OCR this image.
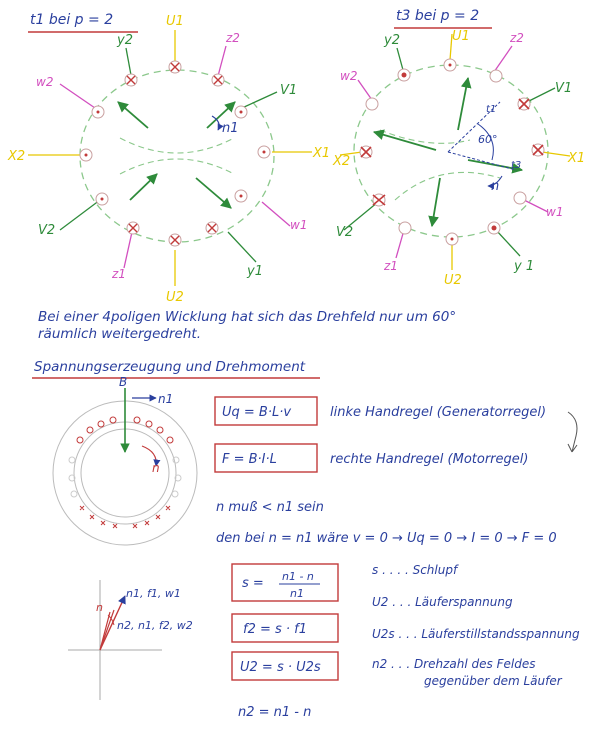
t1 bei p = 2
n1
U1
U2
X2	X1
y2
V1
V2
y1
z2
w2
w1
z1
t3 bei p = 2
60°
t1
t3
n
U1
U2
X2	X1
y2
V1
V2
y 1
z2
w2
w1
z1
Bei einer 4poligen Wicklung hat sich das Drehfeld nur um 60°
räumlich weitergedreht.
Spannungserzeugung und Drehmoment
B
n1
n
Uq = B·L·v	linke Handregel (Generatorregel)
F = B·I·L	rechte Handregel (Motorregel)
n muß < n1 sein
den bei n = n1 wäre v = 0 → Uq = 0 → I = 0 → F = 0
n1, f1, w1
n
n2, n1, f2, w2
s = n1 - n
n1
f2 = s · f1
U2 = s · U2s
s . . . . Schlupf
U2 . . . Läuferspannung
U2s . . . Läuferstillstandsspannung
n2 . . . Drehzahl des Feldes
gegenüber dem Läufer
n2 = n1 - n
